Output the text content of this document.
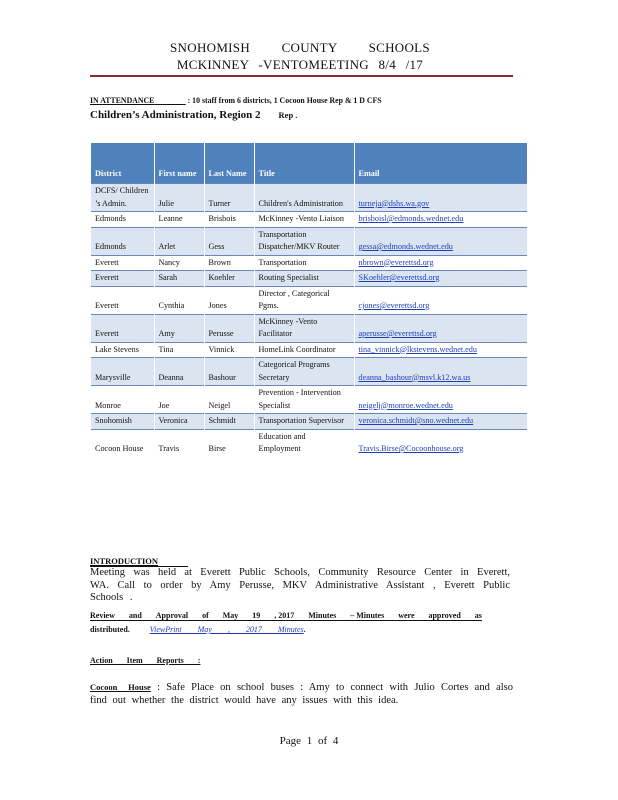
SNOHOMISH COUNTY SCHOOLS
MCKINNEY -VENTOMEETING 8/4 /17
IN ATTENDANCE	: 10 staff from 6 districts, 1 Cocoon House Rep & 1 D CFS
Children’s Administration, Region 2 Rep .
District	First name	Last Name	Title	Email
DCFS/ Children ’s Admin.	Julie	Turner	Children's Administration	turneja@dshs.wa.gov
Edmonds	Leanne	Brisbois	McKinney -Vento Liaison	brisboisl@edmonds.wednet.edu
Edmonds	Arlet	Gess	Transportation Dispatcher/MKV Router	gessa@edmonds.wednet.edu
Everett	Nancy	Brown	Transportation	nbrown@everettsd.org
Everett	Sarah	Koehler	Routing Specialist	SKoehler@everettsd.org
Everett	Cynthia	Jones	Director , Categorical Pgms.	cjones@everettsd.org
Everett	Amy	Perusse	McKinney -Vento Facilitator	aperusse@everettsd.org
Lake Stevens	Tina	Vinnick	HomeLink Coordinator	tina_vinnick@lkstevens.wednet.edu
Marysville	Deanna	Bashour	Categorical Programs Secretary	deanna_bashour@msvl.k12.wa.us
Monroe	Joe	Neigel	Prevention - Intervention Specialist	neigelj@monroe.wednet.edu
Snohomish	Veronica	Schmidt	Transportation Supervisor	veronica.schmidt@sno.wednet.edu
Cocoon House	Travis	Birse	Education and Employment	Travis.Birse@Cocoonhouse.org
INTRODUCTION
Meeting was held at Everett Public Schools, Community Resource Center in Everett, WA. Call to order by Amy Perusse, MKV Administrative Assistant , Everett Public Schools .
Review and Approval of May 19 , 2017 Minutes – Minutes were approved as
distributed.	ViewPrint May , 2017 Minutes.
Action Item Reports :
Cocoon House : Safe Place on school buses : Amy to connect with Julio Cortes and also find out whether the district would have any issues with this idea.
Page 1 of 4
